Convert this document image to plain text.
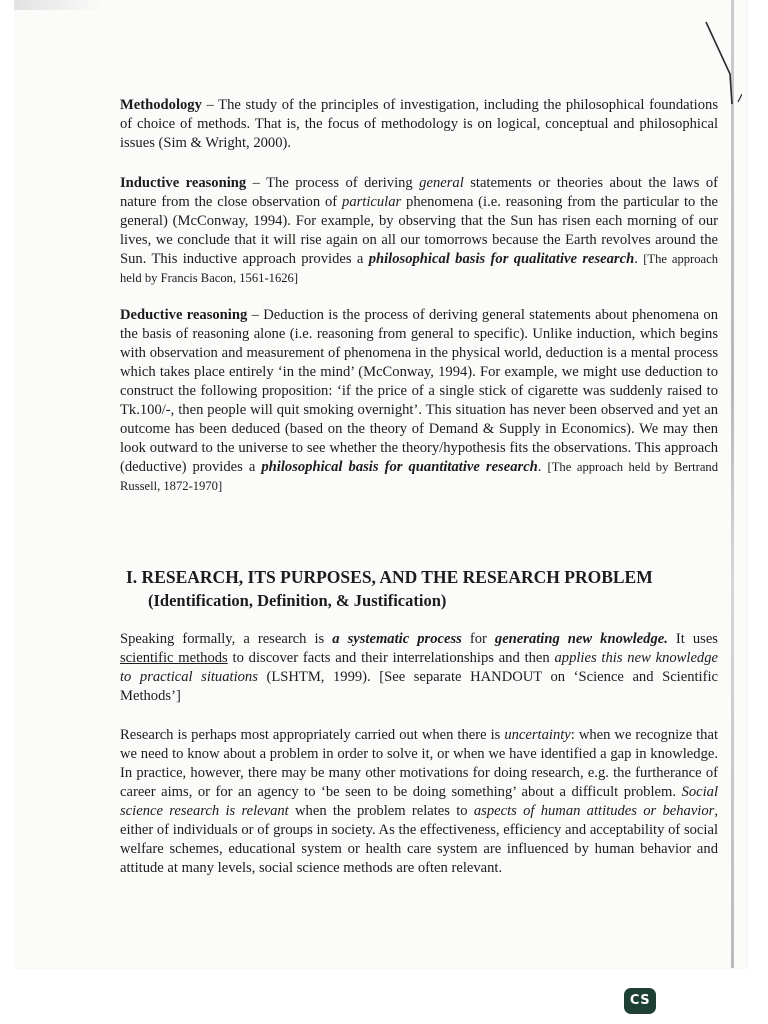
Methodology – The study of the principles of investigation, including the philosophical foundations of choice of methods. That is, the focus of methodology is on logical, conceptual and philosophical issues (Sim & Wright, 2000).

Inductive reasoning – The process of deriving general statements or theories about the laws of nature from the close observation of particular phenomena (i.e. reasoning from the particular to the general) (McConway, 1994). For example, by observing that the Sun has risen each morning of our lives, we conclude that it will rise again on all our tomorrows because the Earth revolves around the Sun. This inductive approach provides a philosophical basis for qualitative research. [The approach held by Francis Bacon, 1561-1626]

Deductive reasoning – Deduction is the process of deriving general statements about phenomena on the basis of reasoning alone (i.e. reasoning from general to specific). Unlike induction, which begins with observation and measurement of phenomena in the physical world, deduction is a mental process which takes place entirely ‘in the mind’ (McConway, 1994). For example, we might use deduction to construct the following proposition: ‘if the price of a single stick of cigarette was suddenly raised to Tk.100/-, then people will quit smoking overnight’. This situation has never been observed and yet an outcome has been deduced (based on the theory of Demand & Supply in Economics). We may then look outward to the universe to see whether the theory/hypothesis fits the observations. This approach (deductive) provides a philosophical basis for quantitative research. [The approach held by Bertrand Russell, 1872-1970]

I. RESEARCH, ITS PURPOSES, AND THE RESEARCH PROBLEM
(Identification, Definition, & Justification)

Speaking formally, a research is a systematic process for generating new knowledge. It uses scientific methods to discover facts and their interrelationships and then applies this new knowledge to practical situations (LSHTM, 1999). [See separate HANDOUT on ‘Science and Scientific Methods’]

Research is perhaps most appropriately carried out when there is uncertainty: when we recognize that we need to know about a problem in order to solve it, or when we have identified a gap in knowledge. In practice, however, there may be many other motivations for doing research, e.g. the furtherance of career aims, or for an agency to ‘be seen to be doing something’ about a difficult problem. Social science research is relevant when the problem relates to aspects of human attitudes or behavior, either of individuals or of groups in society. As the effectiveness, efficiency and acceptability of social welfare schemes, educational system or health care system are influenced by human behavior and attitude at many levels, social science methods are often relevant.

CS
